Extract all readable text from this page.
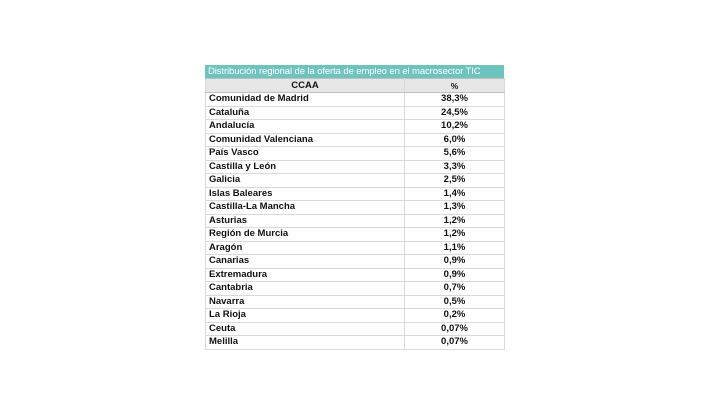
Distribución regional de la oferta de empleo en el macrosector TIC
CCAA	%
Comunidad de Madrid	38,3%
Cataluña	24,5%
Andalucía	10,2%
Comunidad Valenciana	6,0%
País Vasco	5,6%
Castilla y León	3,3%
Galicia	2,5%
Islas Baleares	1,4%
Castilla-La Mancha	1,3%
Asturias	1,2%
Región de Murcia	1,2%
Aragón	1,1%
Canarias	0,9%
Extremadura	0,9%
Cantabria	0,7%
Navarra	0,5%
La Rioja	0,2%
Ceuta	0,07%
Melilla	0,07%
